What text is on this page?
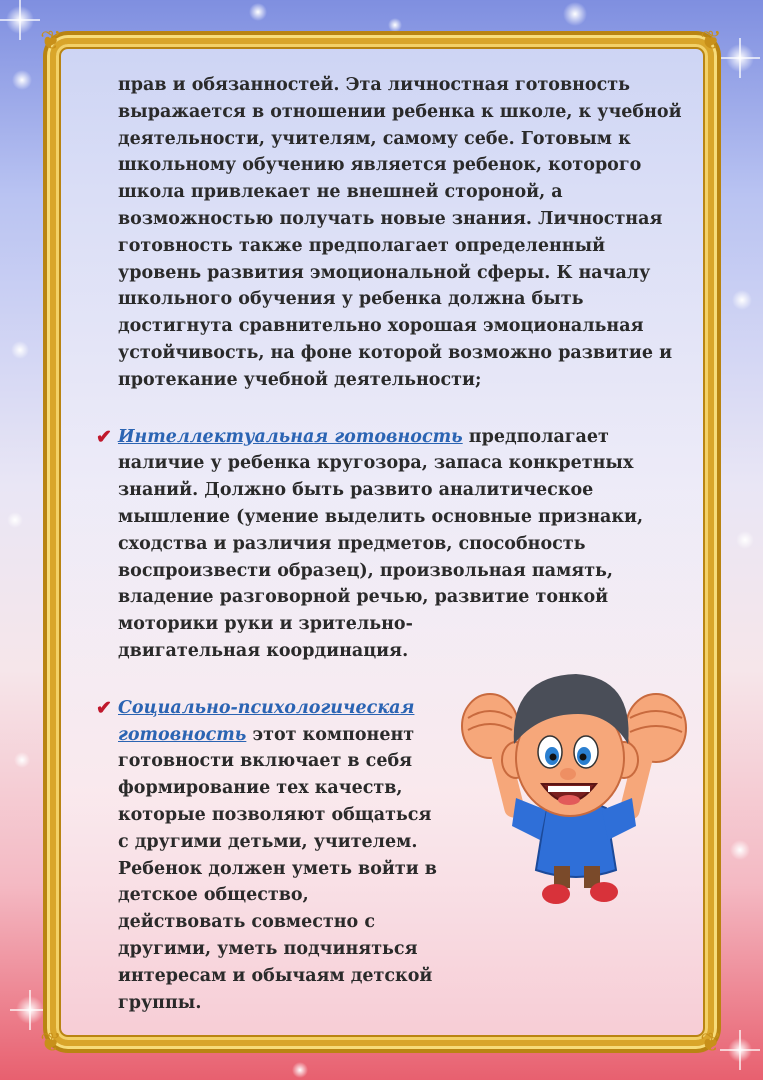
❦	❦
❦	❦

прав и обязанностей. Эта личностная готовность
выражается в отношении ребенка к школе, к учебной
деятельности, учителям, самому себе. Готовым к
школьному обучению является ребенок, которого
школа привлекает не внешней стороной, а
возможностью получать новые знания. Личностная
готовность также предполагает определенный
уровень развития эмоциональной сферы. К началу
школьного обучения у ребенка должна быть
достигнута сравнительно хорошая эмоциональная
устойчивость, на фоне которой возможно развитие и
протекание учебной деятельности;

✔ Интеллектуальная готовность предполагает
наличие у ребенка кругозора, запаса конкретных
знаний. Должно быть развито аналитическое
мышление (умение выделить основные признаки,
сходства и различия предметов, способность
воспроизвести образец), произвольная память,
владение разговорной речью, развитие тонкой
моторики руки и зрительно-
двигательная координация.

✔ Социально-психологическая
готовность этот компонент
готовности включает в себя
формирование тех качеств,
которые позволяют общаться
с другими детьми, учителем.
Ребенок должен уметь войти в
детское общество,
действовать совместно с
другими, уметь подчиняться
интересам и обычаям детской
группы.
